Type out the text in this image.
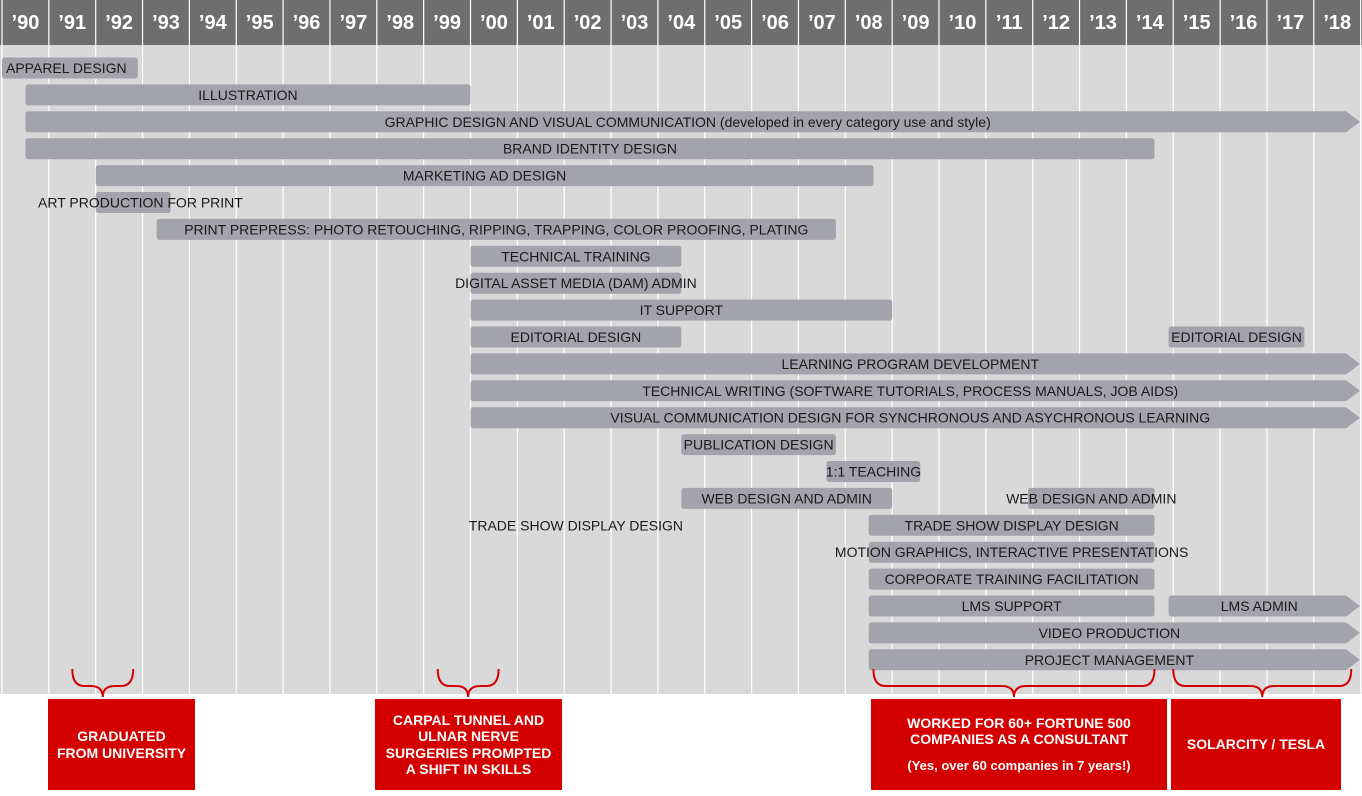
’90 ’91 ’92 ’93 ’94 ’95 ’96 ’97 ’98 ’99 ’00 ’01 ’02 ’03 ’04 ’05 ’06 ’07 ’08 ’09 ’10 ’11 ’12 ’13 ’14 ’15 ’16 ’17 ’18
APPAREL DESIGN
ILLUSTRATION
GRAPHIC DESIGN AND VISUAL COMMUNICATION (developed in every category use and style)
BRAND IDENTITY DESIGN
MARKETING AD DESIGN
ART PRODUCTION FOR PRINT
PRINT PREPRESS: PHOTO RETOUCHING, RIPPING, TRAPPING, COLOR PROOFING, PLATING
TECHNICAL TRAINING
DIGITAL ASSET MEDIA (DAM) ADMIN
IT SUPPORT
EDITORIAL DESIGN	EDITORIAL DESIGN
LEARNING PROGRAM DEVELOPMENT
TECHNICAL WRITING (SOFTWARE TUTORIALS, PROCESS MANUALS, JOB AIDS)
VISUAL COMMUNICATION DESIGN FOR SYNCHRONOUS AND ASYCHRONOUS LEARNING
PUBLICATION DESIGN
1:1 TEACHING
WEB DESIGN AND ADMIN	WEB DESIGN AND ADMIN
TRADE SHOW DISPLAY DESIGN	TRADE SHOW DISPLAY DESIGN
MOTION GRAPHICS, INTERACTIVE PRESENTATIONS
CORPORATE TRAINING FACILITATION
LMS SUPPORT	LMS ADMIN
VIDEO PRODUCTION
PROJECT MANAGEMENT
GRADUATED FROM UNIVERSITY
CARPAL TUNNEL AND ULNAR NERVE SURGERIES PROMPTED A SHIFT IN SKILLS
WORKED FOR 60+ FORTUNE 500 COMPANIES AS A CONSULTANT
(Yes, over 60 companies in 7 years!)
SOLARCITY / TESLA
